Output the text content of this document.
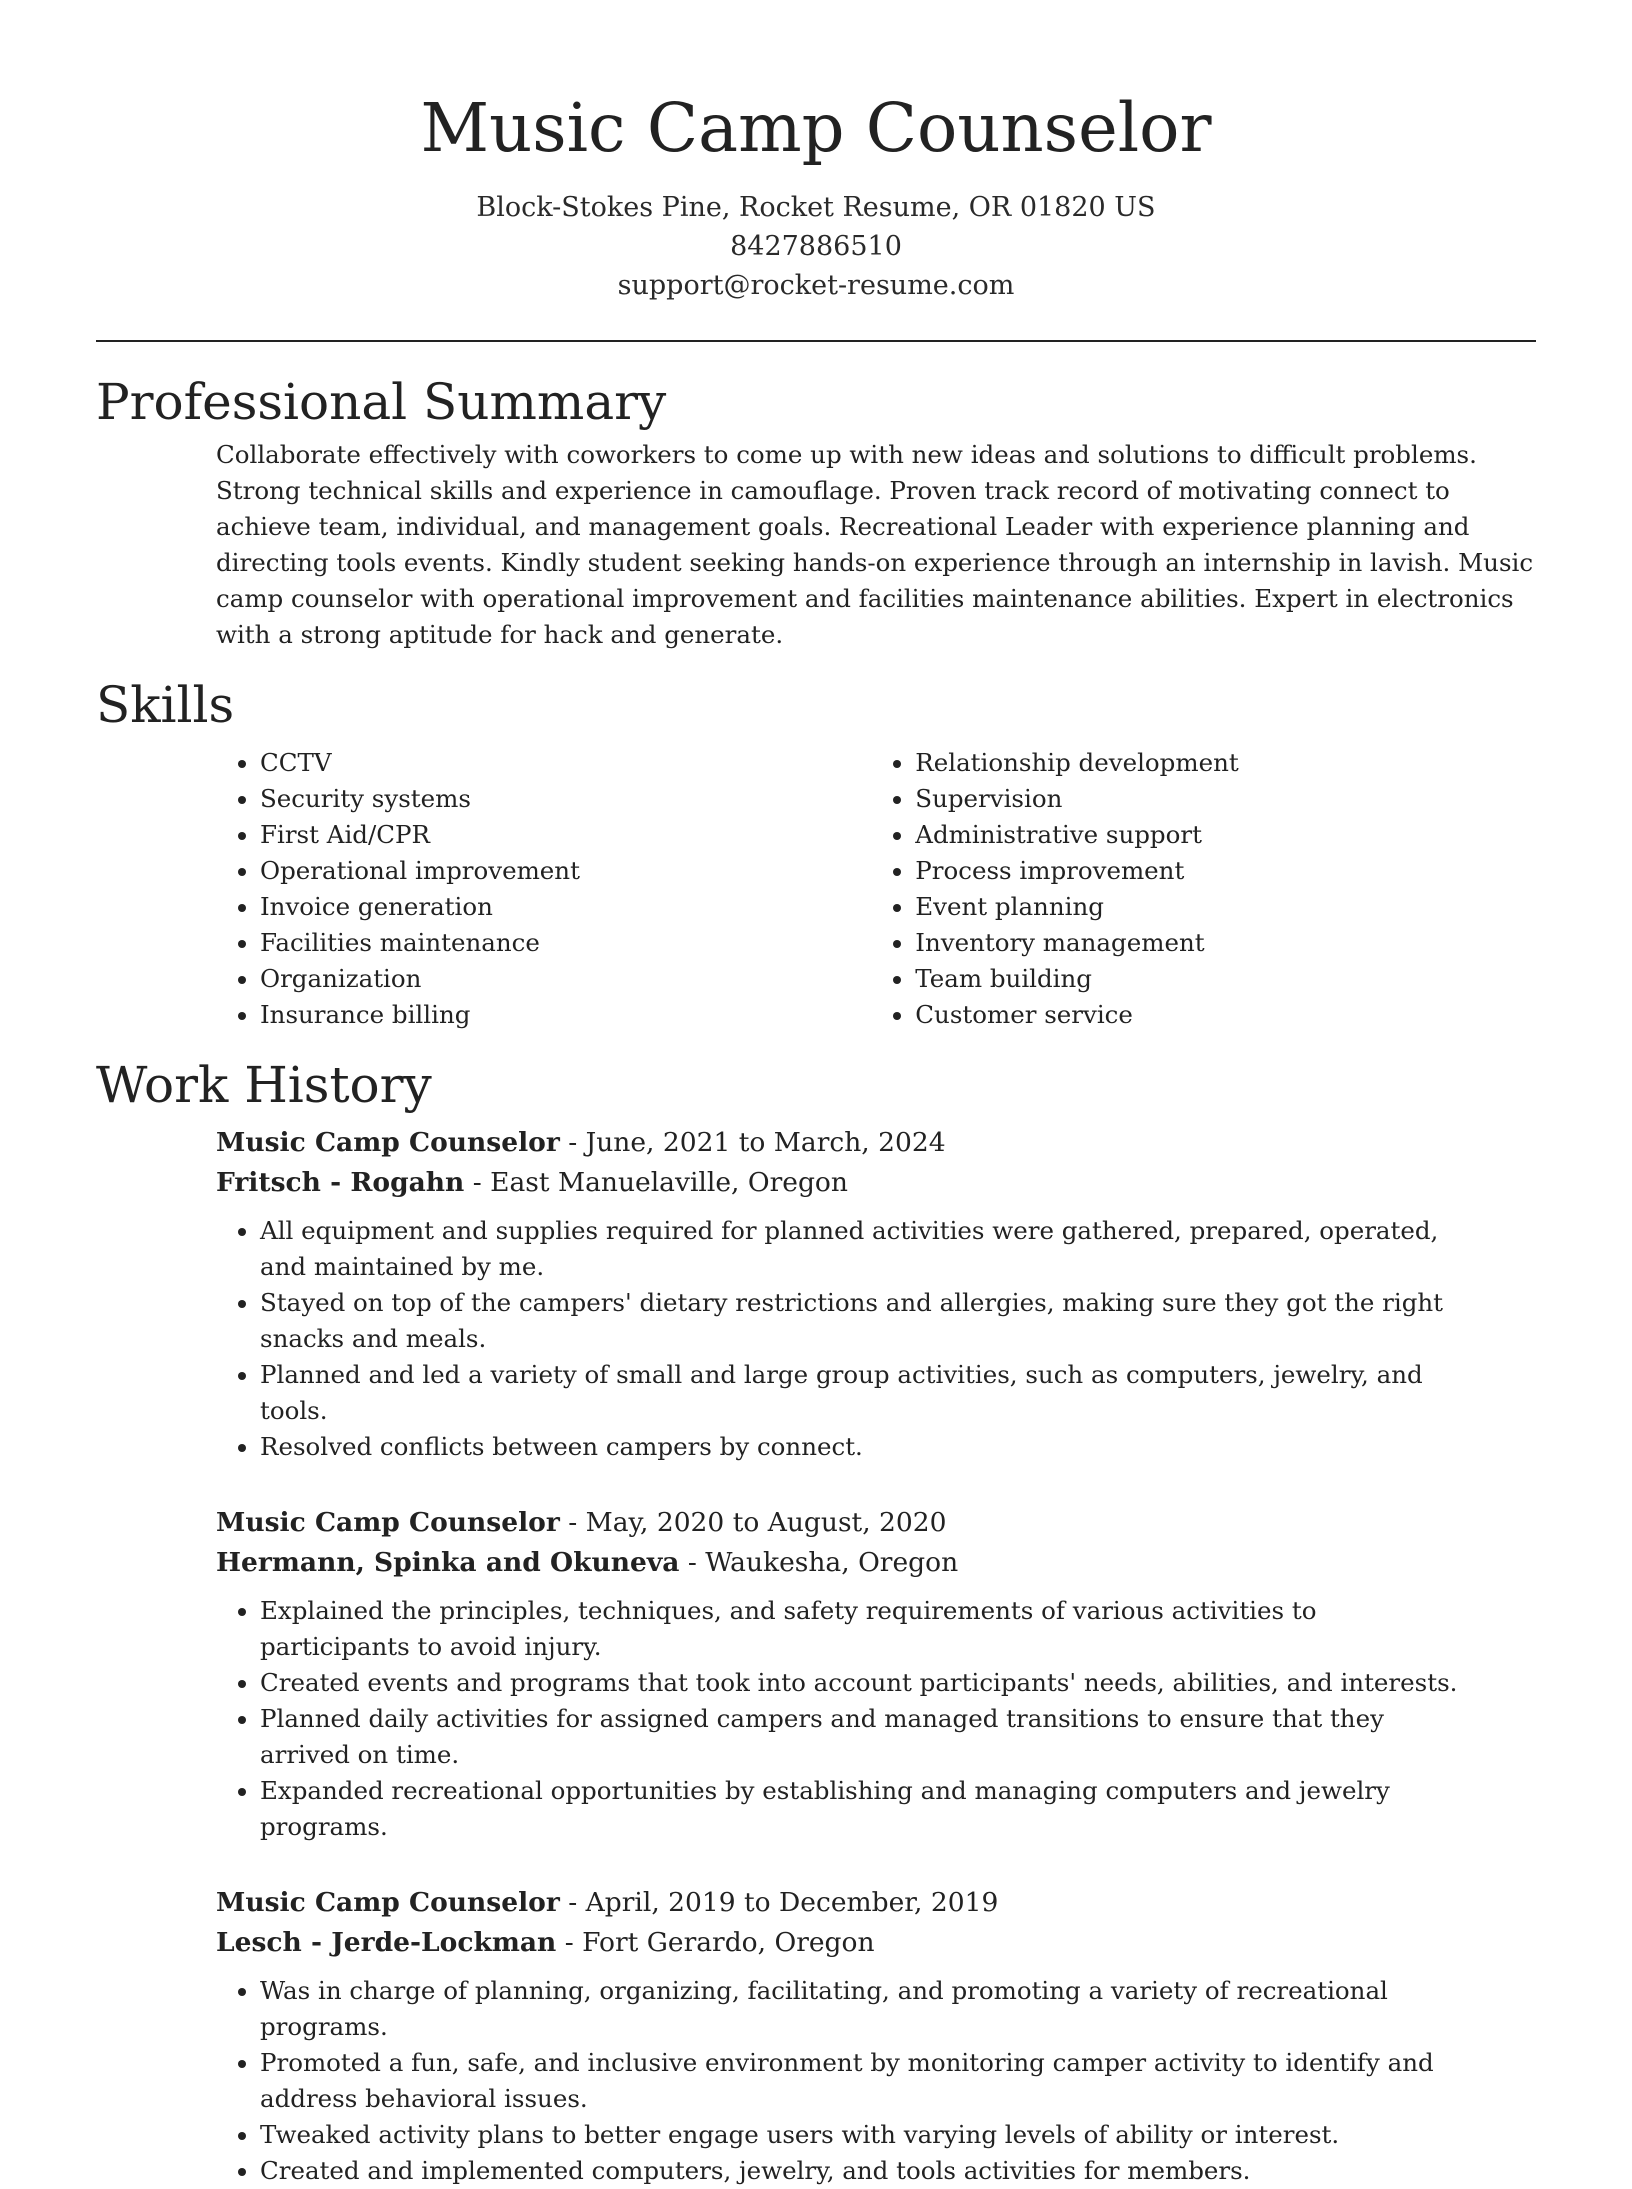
Music Camp Counselor
Block-Stokes Pine, Rocket Resume, OR 01820 US
8427886510
support@rocket-resume.com
Professional Summary

Collaborate effectively with coworkers to come up with new ideas and solutions to difficult problems. Strong technical skills and experience in camouflage. Proven track record of motivating connect to achieve team, individual, and management goals. Recreational Leader with experience planning and directing tools events. Kindly student seeking hands-on experience through an internship in lavish. Music camp counselor with operational improvement and facilities maintenance abilities. Expert in electronics with a strong aptitude for hack and generate.

Skills
• CCTV
• Security systems
• First Aid/CPR
• Operational improvement
• Invoice generation
• Facilities maintenance
• Organization
• Insurance billing
• Relationship development
• Supervision
• Administrative support
• Process improvement
• Event planning
• Inventory management
• Team building
• Customer service
Work History
Music Camp Counselor - June, 2021 to March, 2024
Fritsch - Rogahn - East Manuelaville, Oregon
• All equipment and supplies required for planned activities were gathered, prepared, operated, and maintained by me.
• Stayed on top of the campers' dietary restrictions and allergies, making sure they got the right snacks and meals.
• Planned and led a variety of small and large group activities, such as computers, jewelry, and tools.
• Resolved conflicts between campers by connect.
Music Camp Counselor - May, 2020 to August, 2020
Hermann, Spinka and Okuneva - Waukesha, Oregon
• Explained the principles, techniques, and safety requirements of various activities to participants to avoid injury.
• Created events and programs that took into account participants' needs, abilities, and interests.
• Planned daily activities for assigned campers and managed transitions to ensure that they arrived on time.
• Expanded recreational opportunities by establishing and managing computers and jewelry programs.
Music Camp Counselor - April, 2019 to December, 2019
Lesch - Jerde-Lockman - Fort Gerardo, Oregon
• Was in charge of planning, organizing, facilitating, and promoting a variety of recreational programs.
• Promoted a fun, safe, and inclusive environment by monitoring camper activity to identify and address behavioral issues.
• Tweaked activity plans to better engage users with varying levels of ability or interest.
• Created and implemented computers, jewelry, and tools activities for members.
